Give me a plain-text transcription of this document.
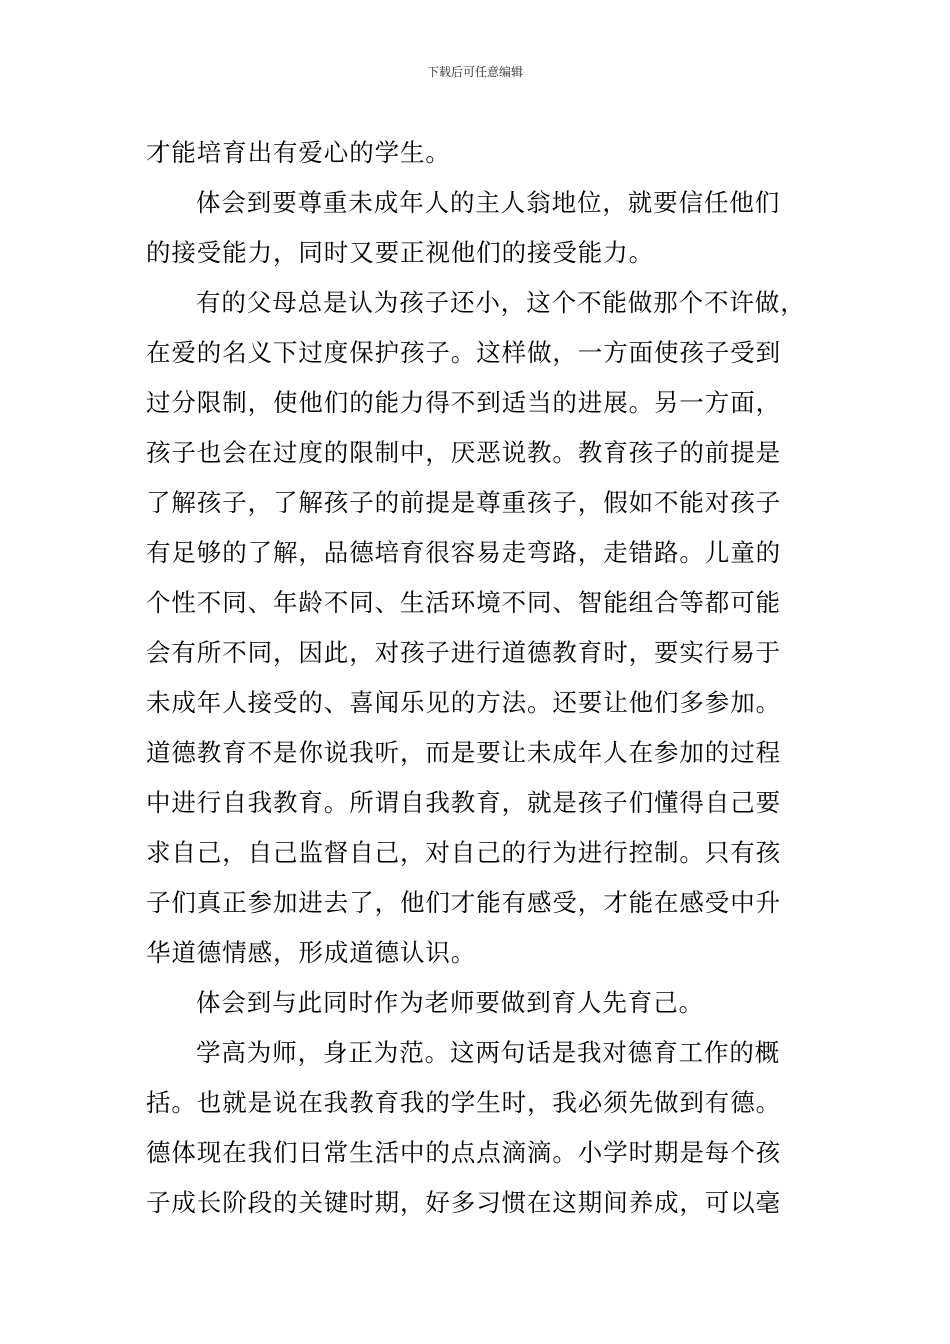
下载后可任意编辑
才能培育出有爱心的学生。
体会到要尊重未成年人的主人翁地位，就要信任他们
的接受能力，同时又要正视他们的接受能力。
有的父母总是认为孩子还小，这个不能做那个不许做，
在爱的名义下过度保护孩子。这样做，一方面使孩子受到
过分限制，使他们的能力得不到适当的进展。另一方面，
孩子也会在过度的限制中，厌恶说教。教育孩子的前提是
了解孩子，了解孩子的前提是尊重孩子，假如不能对孩子
有足够的了解，品德培育很容易走弯路，走错路。儿童的
个性不同、年龄不同、生活环境不同、智能组合等都可能
会有所不同，因此，对孩子进行道德教育时，要实行易于
未成年人接受的、喜闻乐见的方法。还要让他们多参加。
道德教育不是你说我听，而是要让未成年人在参加的过程
中进行自我教育。所谓自我教育，就是孩子们懂得自己要
求自己，自己监督自己，对自己的行为进行控制。只有孩
子们真正参加进去了，他们才能有感受，才能在感受中升
华道德情感，形成道德认识。
体会到与此同时作为老师要做到育人先育己。
学高为师，身正为范。这两句话是我对德育工作的概
括。也就是说在我教育我的学生时，我必须先做到有德。
德体现在我们日常生活中的点点滴滴。小学时期是每个孩
子成长阶段的关键时期，好多习惯在这期间养成，可以毫
